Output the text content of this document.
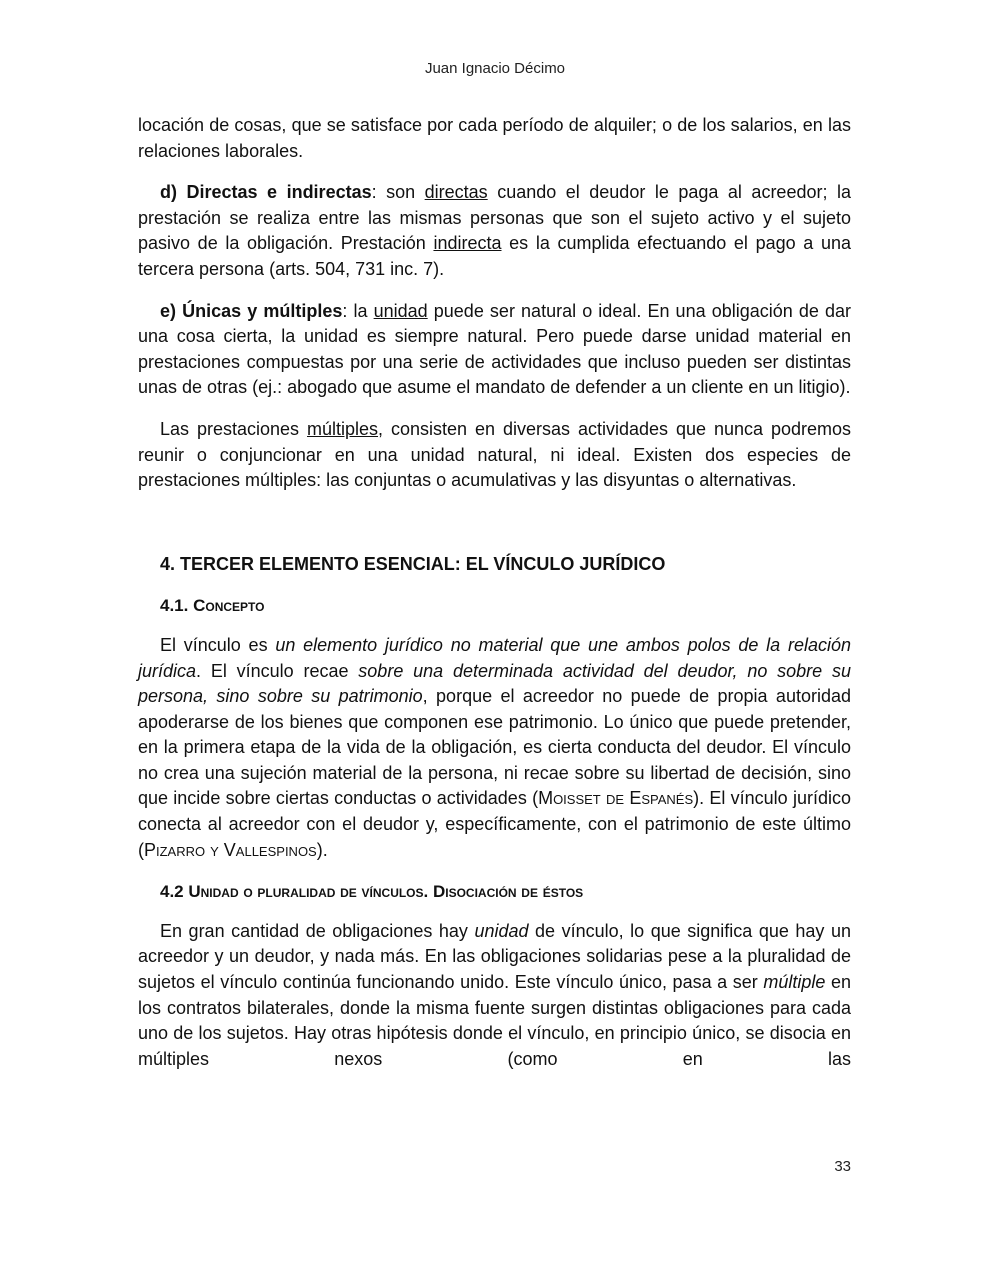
Juan Ignacio Décimo

locación de cosas, que se satisface por cada período de alquiler; o de los salarios, en las relaciones laborales.

d) Directas e indirectas: son directas cuando el deudor le paga al acreedor; la prestación se realiza entre las mismas personas que son el sujeto activo y el sujeto pasivo de la obligación. Prestación indirecta es la cumplida efectuando el pago a una tercera persona (arts. 504, 731 inc. 7).

e) Únicas y múltiples: la unidad puede ser natural o ideal. En una obligación de dar una cosa cierta, la unidad es siempre natural. Pero puede darse unidad material en prestaciones compuestas por una serie de actividades que incluso pueden ser distintas unas de otras (ej.: abogado que asume el mandato de defender a un cliente en un litigio).

Las prestaciones múltiples, consisten en diversas actividades que nunca podremos reunir o conjuncionar en una unidad natural, ni ideal. Existen dos especies de prestaciones múltiples: las conjuntas o acumulativas y las disyuntas o alternativas.

4. TERCER ELEMENTO ESENCIAL: EL VÍNCULO JURÍDICO
4.1. Concepto

El vínculo es un elemento jurídico no material que une ambos polos de la relación jurídica. El vínculo recae sobre una determinada actividad del deudor, no sobre su persona, sino sobre su patrimonio, porque el acreedor no puede de propia autoridad apoderarse de los bienes que componen ese patrimonio. Lo único que puede pretender, en la primera etapa de la vida de la obligación, es cierta conducta del deudor. El vínculo no crea una sujeción material de la persona, ni recae sobre su libertad de decisión, sino que incide sobre ciertas conductas o actividades (Moisset de Espanés). El vínculo jurídico conecta al acreedor con el deudor y, específicamente, con el patrimonio de este último (Pizarro y Vallespinos).

4.2 Unidad o pluralidad de vínculos. Disociación de éstos

En gran cantidad de obligaciones hay unidad de vínculo, lo que significa que hay un acreedor y un deudor, y nada más. En las obligaciones solidarias pese a la pluralidad de sujetos el vínculo continúa funcionando unido. Este vínculo único, pasa a ser múltiple en los contratos bilaterales, donde la misma fuente surgen distintas obligaciones para cada uno de los sujetos. Hay otras hipótesis donde el vínculo, en principio único, se disocia en múltiples nexos (como en las

33
